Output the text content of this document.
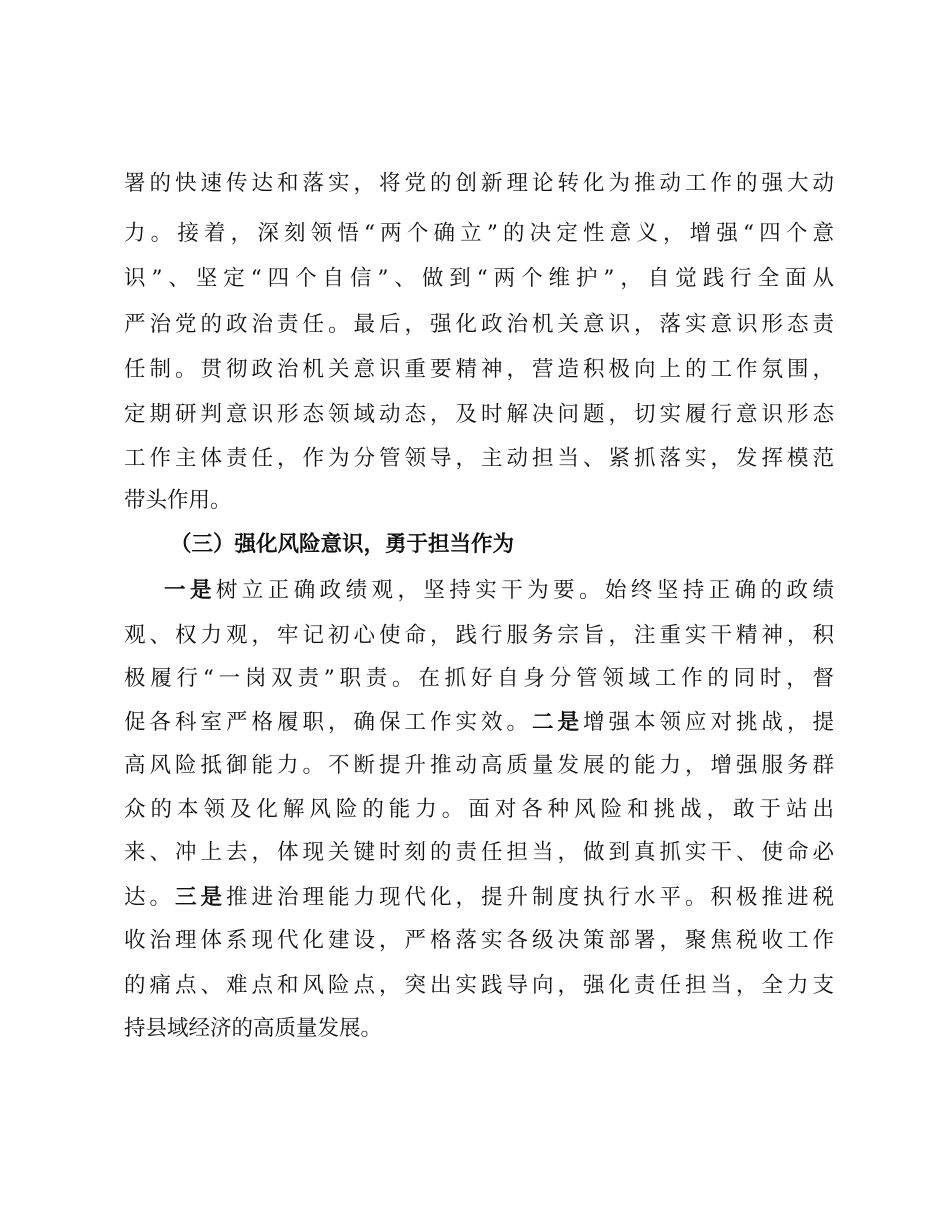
署的快速传达和落实，将党的创新理论转化为推动工作的强大动
力。接着，深刻领悟“两个确立”的决定性意义，增强“四个意
识”、坚定“四个自信”、做到“两个维护”，自觉践行全面从
严治党的政治责任。最后，强化政治机关意识，落实意识形态责
任制。贯彻政治机关意识重要精神，营造积极向上的工作氛围，
定期研判意识形态领域动态，及时解决问题，切实履行意识形态
工作主体责任，作为分管领导，主动担当、紧抓落实，发挥模范
带头作用。
（三）强化风险意识，勇于担当作为
一是树立正确政绩观，坚持实干为要。始终坚持正确的政绩
观、权力观，牢记初心使命，践行服务宗旨，注重实干精神，积
极履行“一岗双责”职责。在抓好自身分管领域工作的同时，督
促各科室严格履职，确保工作实效。二是增强本领应对挑战，提
高风险抵御能力。不断提升推动高质量发展的能力，增强服务群
众的本领及化解风险的能力。面对各种风险和挑战，敢于站出
来、冲上去，体现关键时刻的责任担当，做到真抓实干、使命必
达。三是推进治理能力现代化，提升制度执行水平。积极推进税
收治理体系现代化建设，严格落实各级决策部署，聚焦税收工作
的痛点、难点和风险点，突出实践导向，强化责任担当，全力支
持县域经济的高质量发展。
